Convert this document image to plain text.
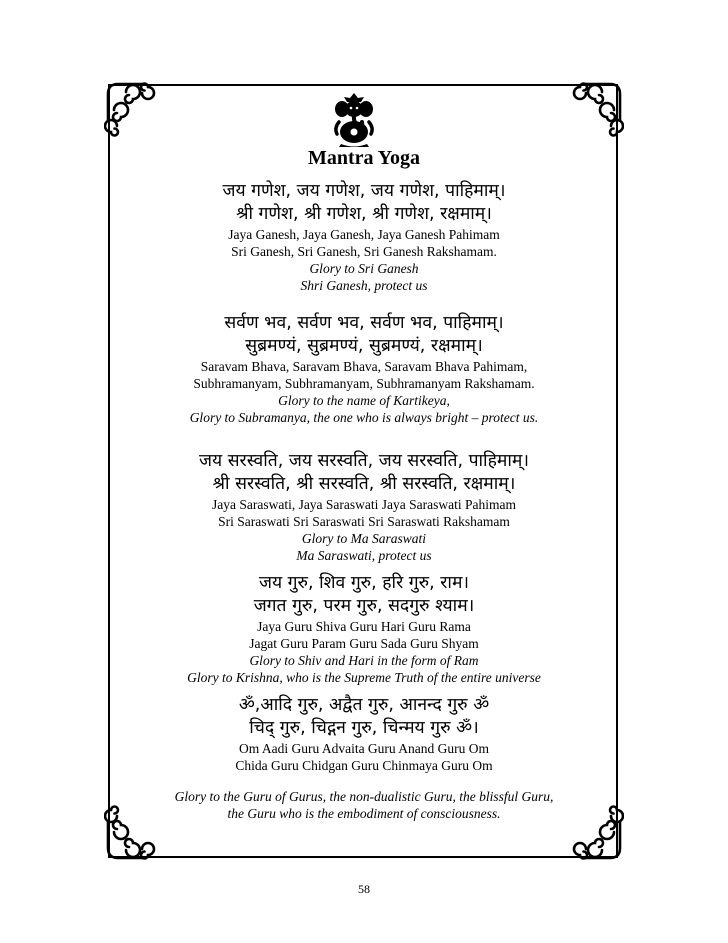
Mantra Yoga
जय गणेश, जय गणेश, जय गणेश, पाहिमाम्।
श्री गणेश, श्री गणेश, श्री गणेश, रक्षमाम्।
Jaya Ganesh, Jaya Ganesh, Jaya Ganesh Pahimam
Sri Ganesh, Sri Ganesh, Sri Ganesh Rakshamam.
Glory to Sri Ganesh
Shri Ganesh, protect us
सर्वण भव, सर्वण भव, सर्वण भव, पाहिमाम्।
सुब्रमण्यं, सुब्रमण्यं, सुब्रमण्यं, रक्षमाम्।
Saravam Bhava, Saravam Bhava, Saravam Bhava Pahimam,
Subhramanyam, Subhramanyam, Subhramanyam Rakshamam.
Glory to the name of Kartikeya,
Glory to Subramanya, the one who is always bright – protect us.
जय सरस्वति, जय सरस्वति, जय सरस्वति, पाहिमाम्।
श्री सरस्वति, श्री सरस्वति, श्री सरस्वति, रक्षमाम्।
Jaya Saraswati, Jaya Saraswati Jaya Saraswati Pahimam
Sri Saraswati Sri Saraswati Sri Saraswati Rakshamam
Glory to Ma Saraswati
Ma Saraswati, protect us
जय गुरु, शिव गुरु, हरि गुरु, राम।
जगत गुरु, परम गुरु, सदगुरु श्याम।
Jaya Guru Shiva Guru Hari Guru Rama
Jagat Guru Param Guru Sada Guru Shyam
Glory to Shiv and Hari in the form of Ram
Glory to Krishna, who is the Supreme Truth of the entire universe
ॐ,आदि गुरु, अद्वैत गुरु, आनन्द गुरु ॐ
चिद् गुरु, चिद्गन गुरु, चिन्मय गुरु ॐ।
Om Aadi Guru Advaita Guru Anand Guru Om
Chida Guru Chidgan Guru Chinmaya Guru Om
Glory to the Guru of Gurus, the non-dualistic Guru, the blissful Guru,
the Guru who is the embodiment of consciousness.
58
